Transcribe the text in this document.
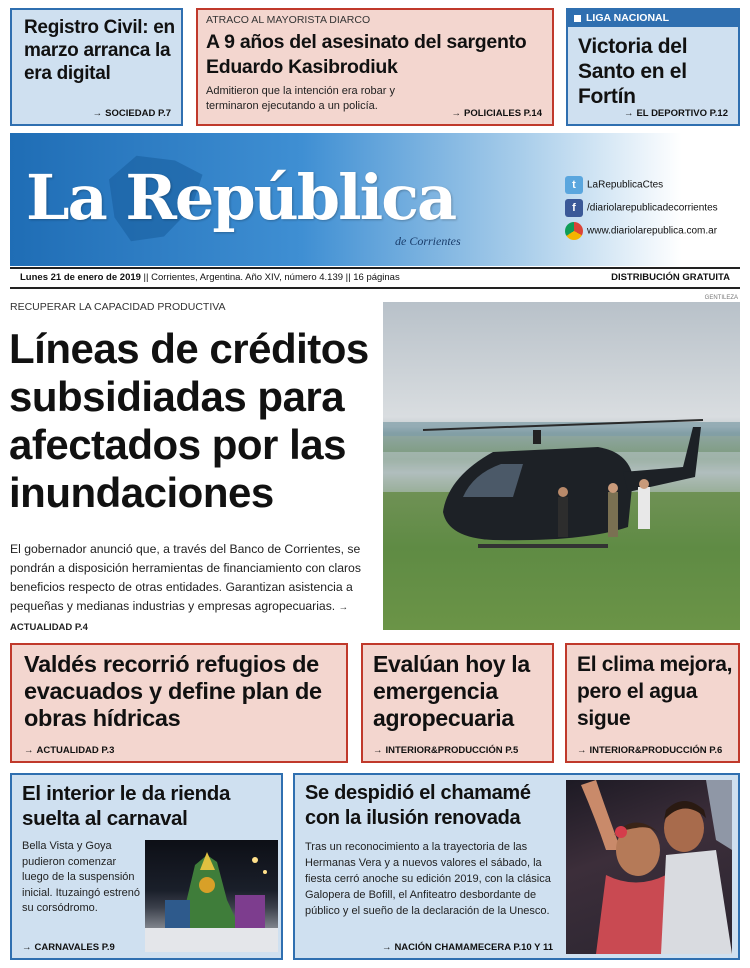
Registro Civil: en marzo arranca la era digital
→ SOCIEDAD P.7
ATRACO AL MAYORISTA DIARCO
A 9 años del asesinato del sargento Eduardo Kasibrodiuk
Admitieron que la intención era robar y terminaron ejecutando a un policía.
→ POLICIALES P.14
LIGA NACIONAL
Victoria del Santo en el Fortín
→ EL DEPORTIVO P.12
La República
de Corrientes
t LaRepublicaCtes
f /diariolarepublicadecorrientes
www.diariolarepublica.com.ar
Lunes 21 de enero de 2019 || Corrientes, Argentina. Año XIV, número 4.139 || 16 páginas	DISTRIBUCIÓN GRATUITA
RECUPERAR LA CAPACIDAD PRODUCTIVA
GENTILEZA
Líneas de créditos subsidiadas para afectados por las inundaciones
El gobernador anunció que, a través del Banco de Corrientes, se pondrán a disposición herramientas de financiamiento con claros beneficios respecto de otras entidades. Garantizan asistencia a pequeñas y medianas industrias y empresas agropecuarias. → ACTUALIDAD P.4
Valdés recorrió refugios de evacuados y define plan de obras hídricas
→ ACTUALIDAD P.3
Evalúan hoy la emergencia agropecuaria
→ INTERIOR&PRODUCCIÓN P.5
El clima mejora, pero el agua sigue
→ INTERIOR&PRODUCCIÓN P.6
El interior le da rienda suelta al carnaval
Bella Vista y Goya pudieron comenzar luego de la suspensión inicial. Ituzaingó estrenó su corsódromo.
→ CARNAVALES P.9
Se despidió el chamamé con la ilusión renovada
Tras un reconocimiento a la trayectoria de las Hermanas Vera y a nuevos valores el sábado, la fiesta cerró anoche su edición 2019, con la clásica Galopera de Bofill, el Anfiteatro desbordante de público y el sueño de la declaración de la Unesco.
→ NACIÓN CHAMAMECERA P.10 Y 11
